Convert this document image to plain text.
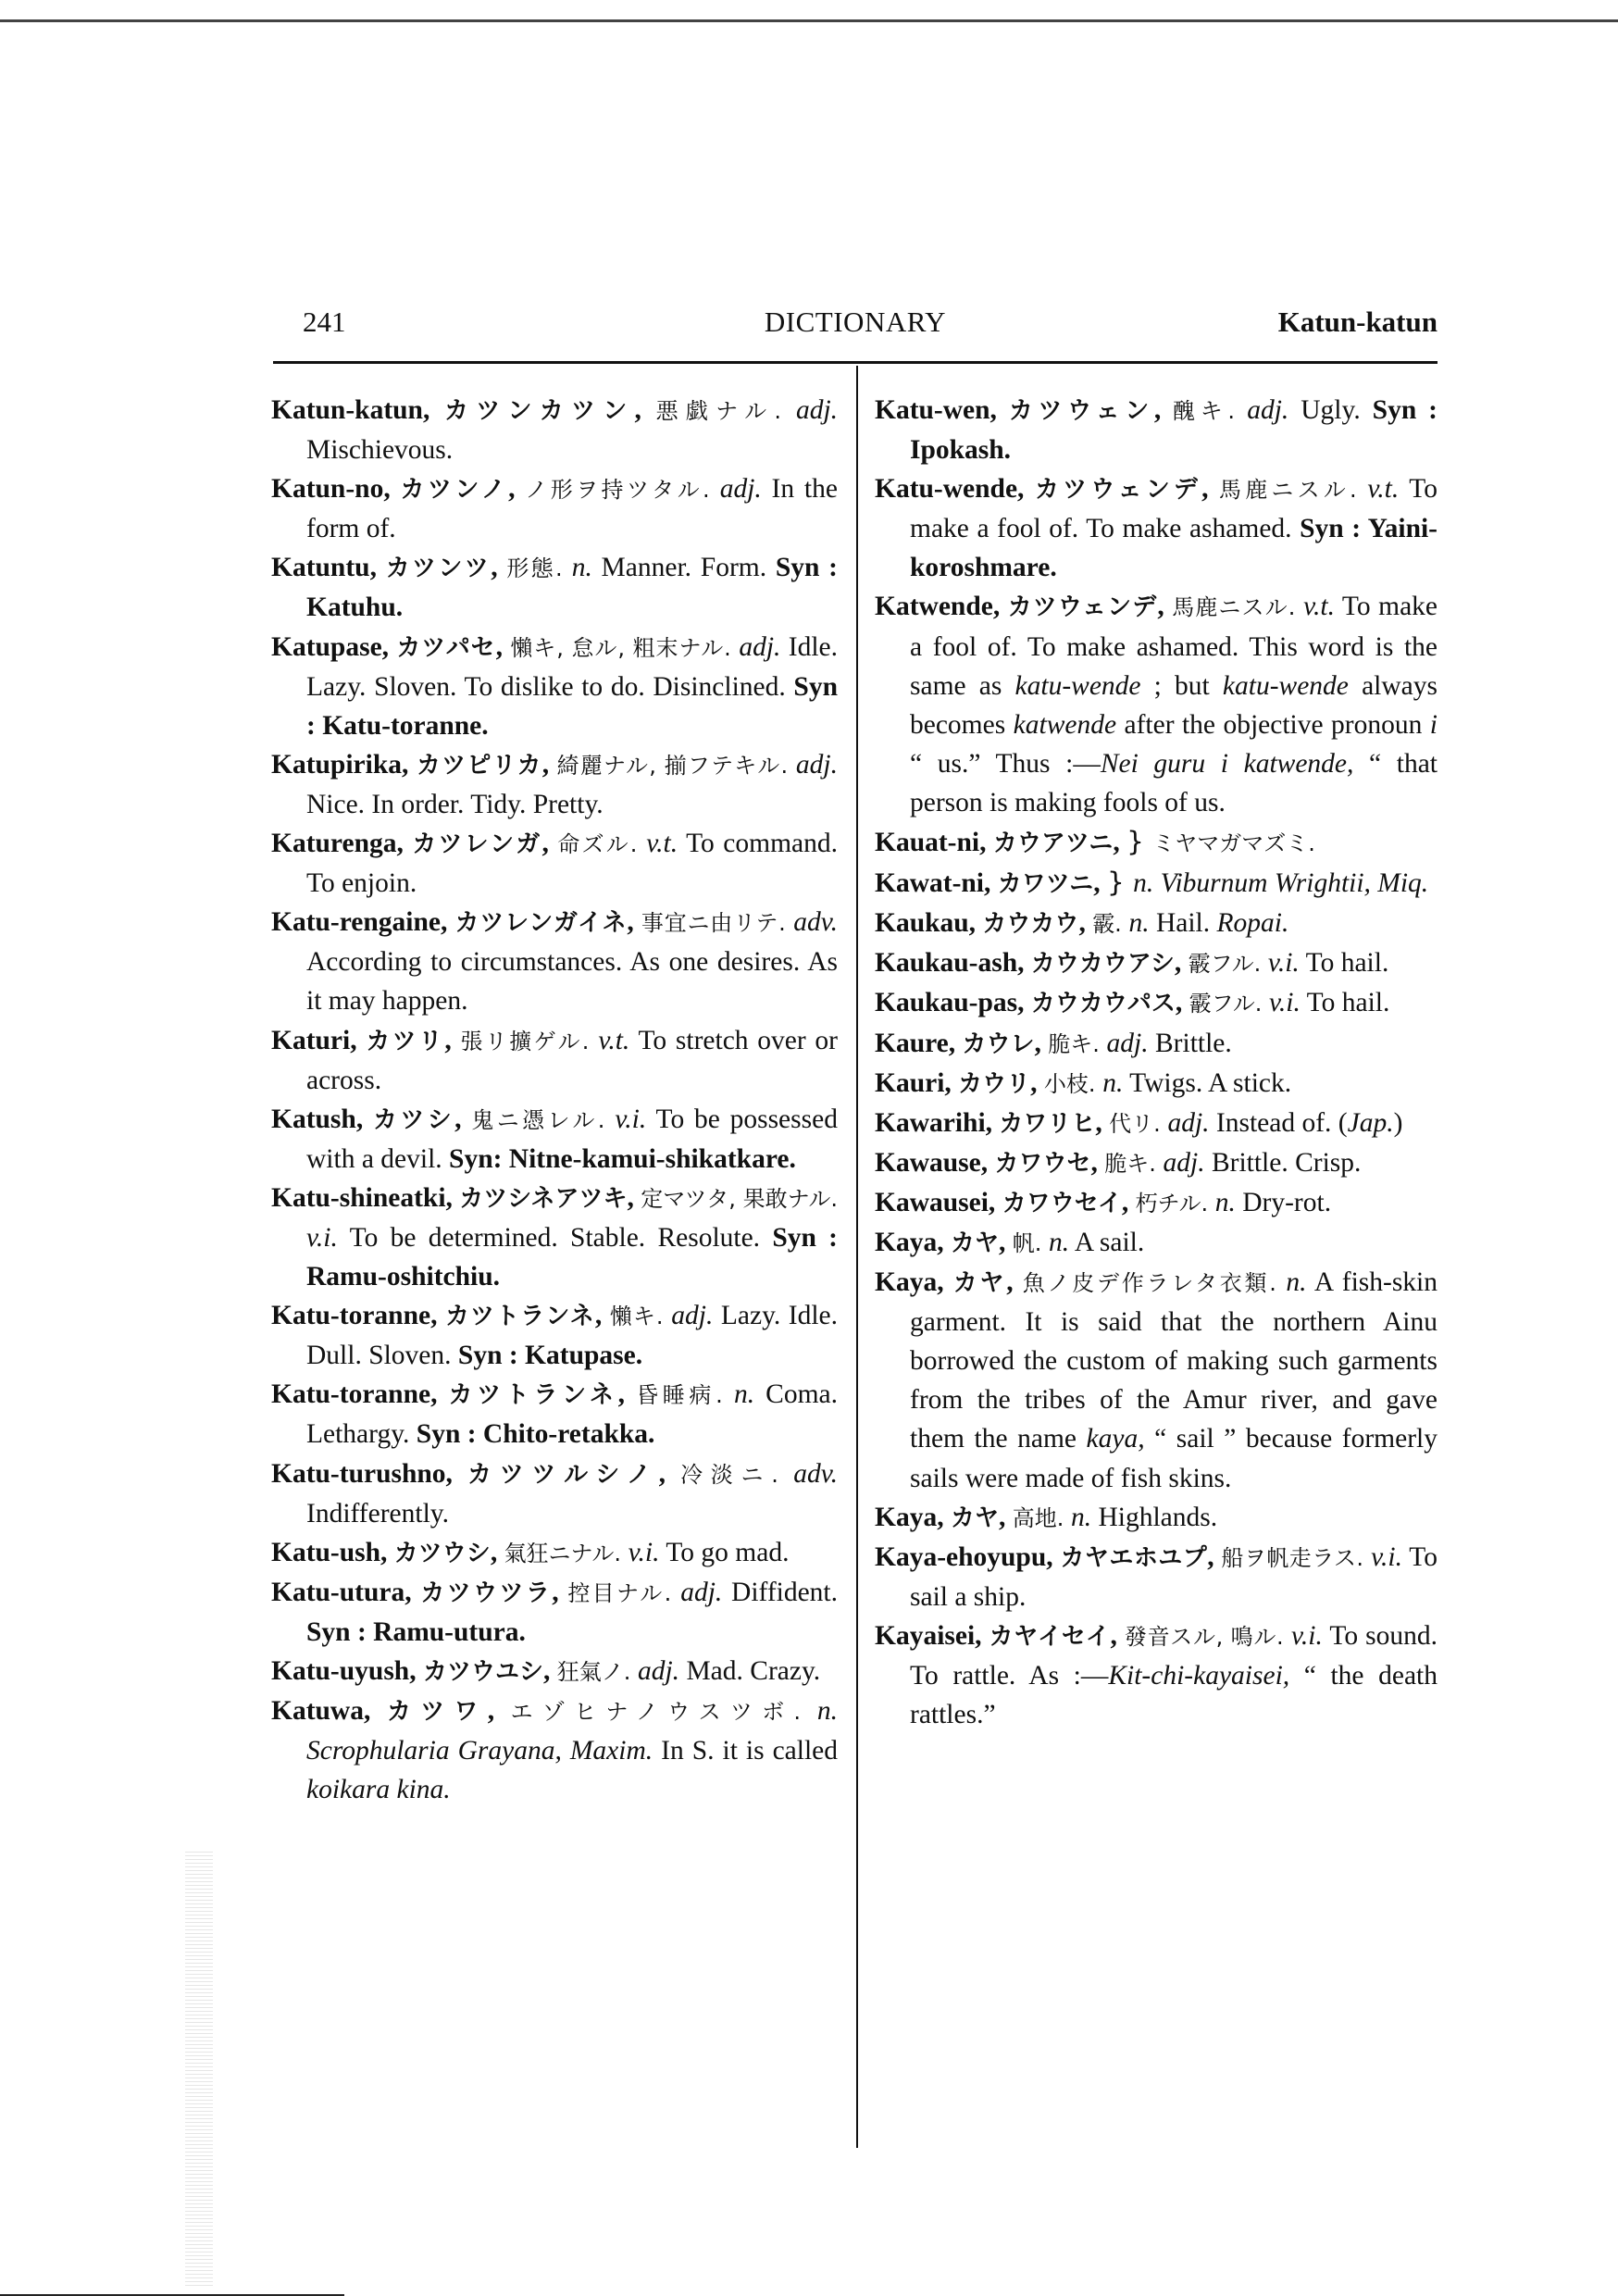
241	DICTIONARY	Katun-katun

Katun-katun, カツンカツン, 悪戯ナル. adj. Mischievous.

Katun-no, カツンノ, ノ形ヲ持ツタル. adj. In the form of.

Katuntu, カツンツ, 形態. n. Manner. Form. Syn : Katuhu.

Katupase, カツパセ, 懶キ, 怠ル, 粗末ナル. adj. Idle. Lazy. Sloven. To dislike to do. Disinclined. Syn : Katu-toranne.

Katupirika, カツピリカ, 綺麗ナル, 揃フテキル. adj. Nice. In order. Tidy. Pretty.

Katurenga, カツレンガ, 命ズル. v.t. To command. To enjoin.

Katu-rengaine, カツレンガイネ, 事宜ニ由リテ. adv. According to circumstances. As one desires. As it may happen.

Katuri, カツリ, 張リ擴ゲル. v.t. To stretch over or across.

Katush, カツシ, 鬼ニ憑レル. v.i. To be possessed with a devil. Syn: Nitne-kamui-shikatkare.

Katu-shineatki, カツシネアツキ, 定マツタ, 果敢ナル. v.i. To be determined. Stable. Resolute. Syn : Ramu-oshitchiu.

Katu-toranne, カツトランネ, 懶キ. adj. Lazy. Idle. Dull. Sloven. Syn : Katupase.

Katu-toranne, カツトランネ, 昏睡病. n. Coma. Lethargy. Syn : Chito-retakka.

Katu-turushno, カツツルシノ, 冷淡ニ. adv. Indifferently.

Katu-ush, カツウシ, 氣狂ニナル. v.i. To go mad.

Katu-utura, カツウツラ, 控目ナル. adj. Diffident. Syn : Ramu-utura.

Katu-uyush, カツウユシ, 狂氣ノ. adj. Mad. Crazy.

Katuwa, カツワ, エゾヒナノウスツボ. n. Scrophularia Grayana, Maxim. In S. it is called koikara kina.

Katu-wen, カツウェン, 醜キ. adj. Ugly. Syn : Ipokash.

Katu-wende, カツウェンデ, 馬鹿ニスル. v.t. To make a fool of. To make ashamed. Syn : Yaini-koroshmare.

Katwende, カツウェンデ, 馬鹿ニスル. v.t. To make a fool of. To make ashamed. This word is the same as katu-wende ; but katu-wende always becomes katwende after the objective pronoun i “ us.” Thus :—Nei guru i katwende, “ that person is making fools of us.

Kauat-ni, カウアツニ, } ミヤマガマズミ.

Kawat-ni, カワツニ, } n. Viburnum Wrightii, Miq.

Kaukau, カウカウ, 霰. n. Hail. Ropai.

Kaukau-ash, カウカウアシ, 霰フル. v.i. To hail.

Kaukau-pas, カウカウパス, 霰フル. v.i. To hail.

Kaure, カウレ, 脆キ. adj. Brittle.

Kauri, カウリ, 小枝. n. Twigs. A stick.

Kawarihi, カワリヒ, 代リ. adj. Instead of. (Jap.)

Kawause, カワウセ, 脆キ. adj. Brittle. Crisp.

Kawausei, カワウセイ, 朽チル. n. Dry-rot.

Kaya, カヤ, 帆. n. A sail.

Kaya, カヤ, 魚ノ皮デ作ラレタ衣類. n. A fish-skin garment. It is said that the northern Ainu borrowed the custom of making such garments from the tribes of the Amur river, and gave them the name kaya, “ sail ” because formerly sails were made of fish skins.

Kaya, カヤ, 高地. n. Highlands.

Kaya-ehoyupu, カヤエホユプ, 船ヲ帆走ラス. v.i. To sail a ship.

Kayaisei, カヤイセイ, 發音スル, 鳴ル. v.i. To sound. To rattle. As :—Kit-chi-kayaisei, “ the death rattles.”
